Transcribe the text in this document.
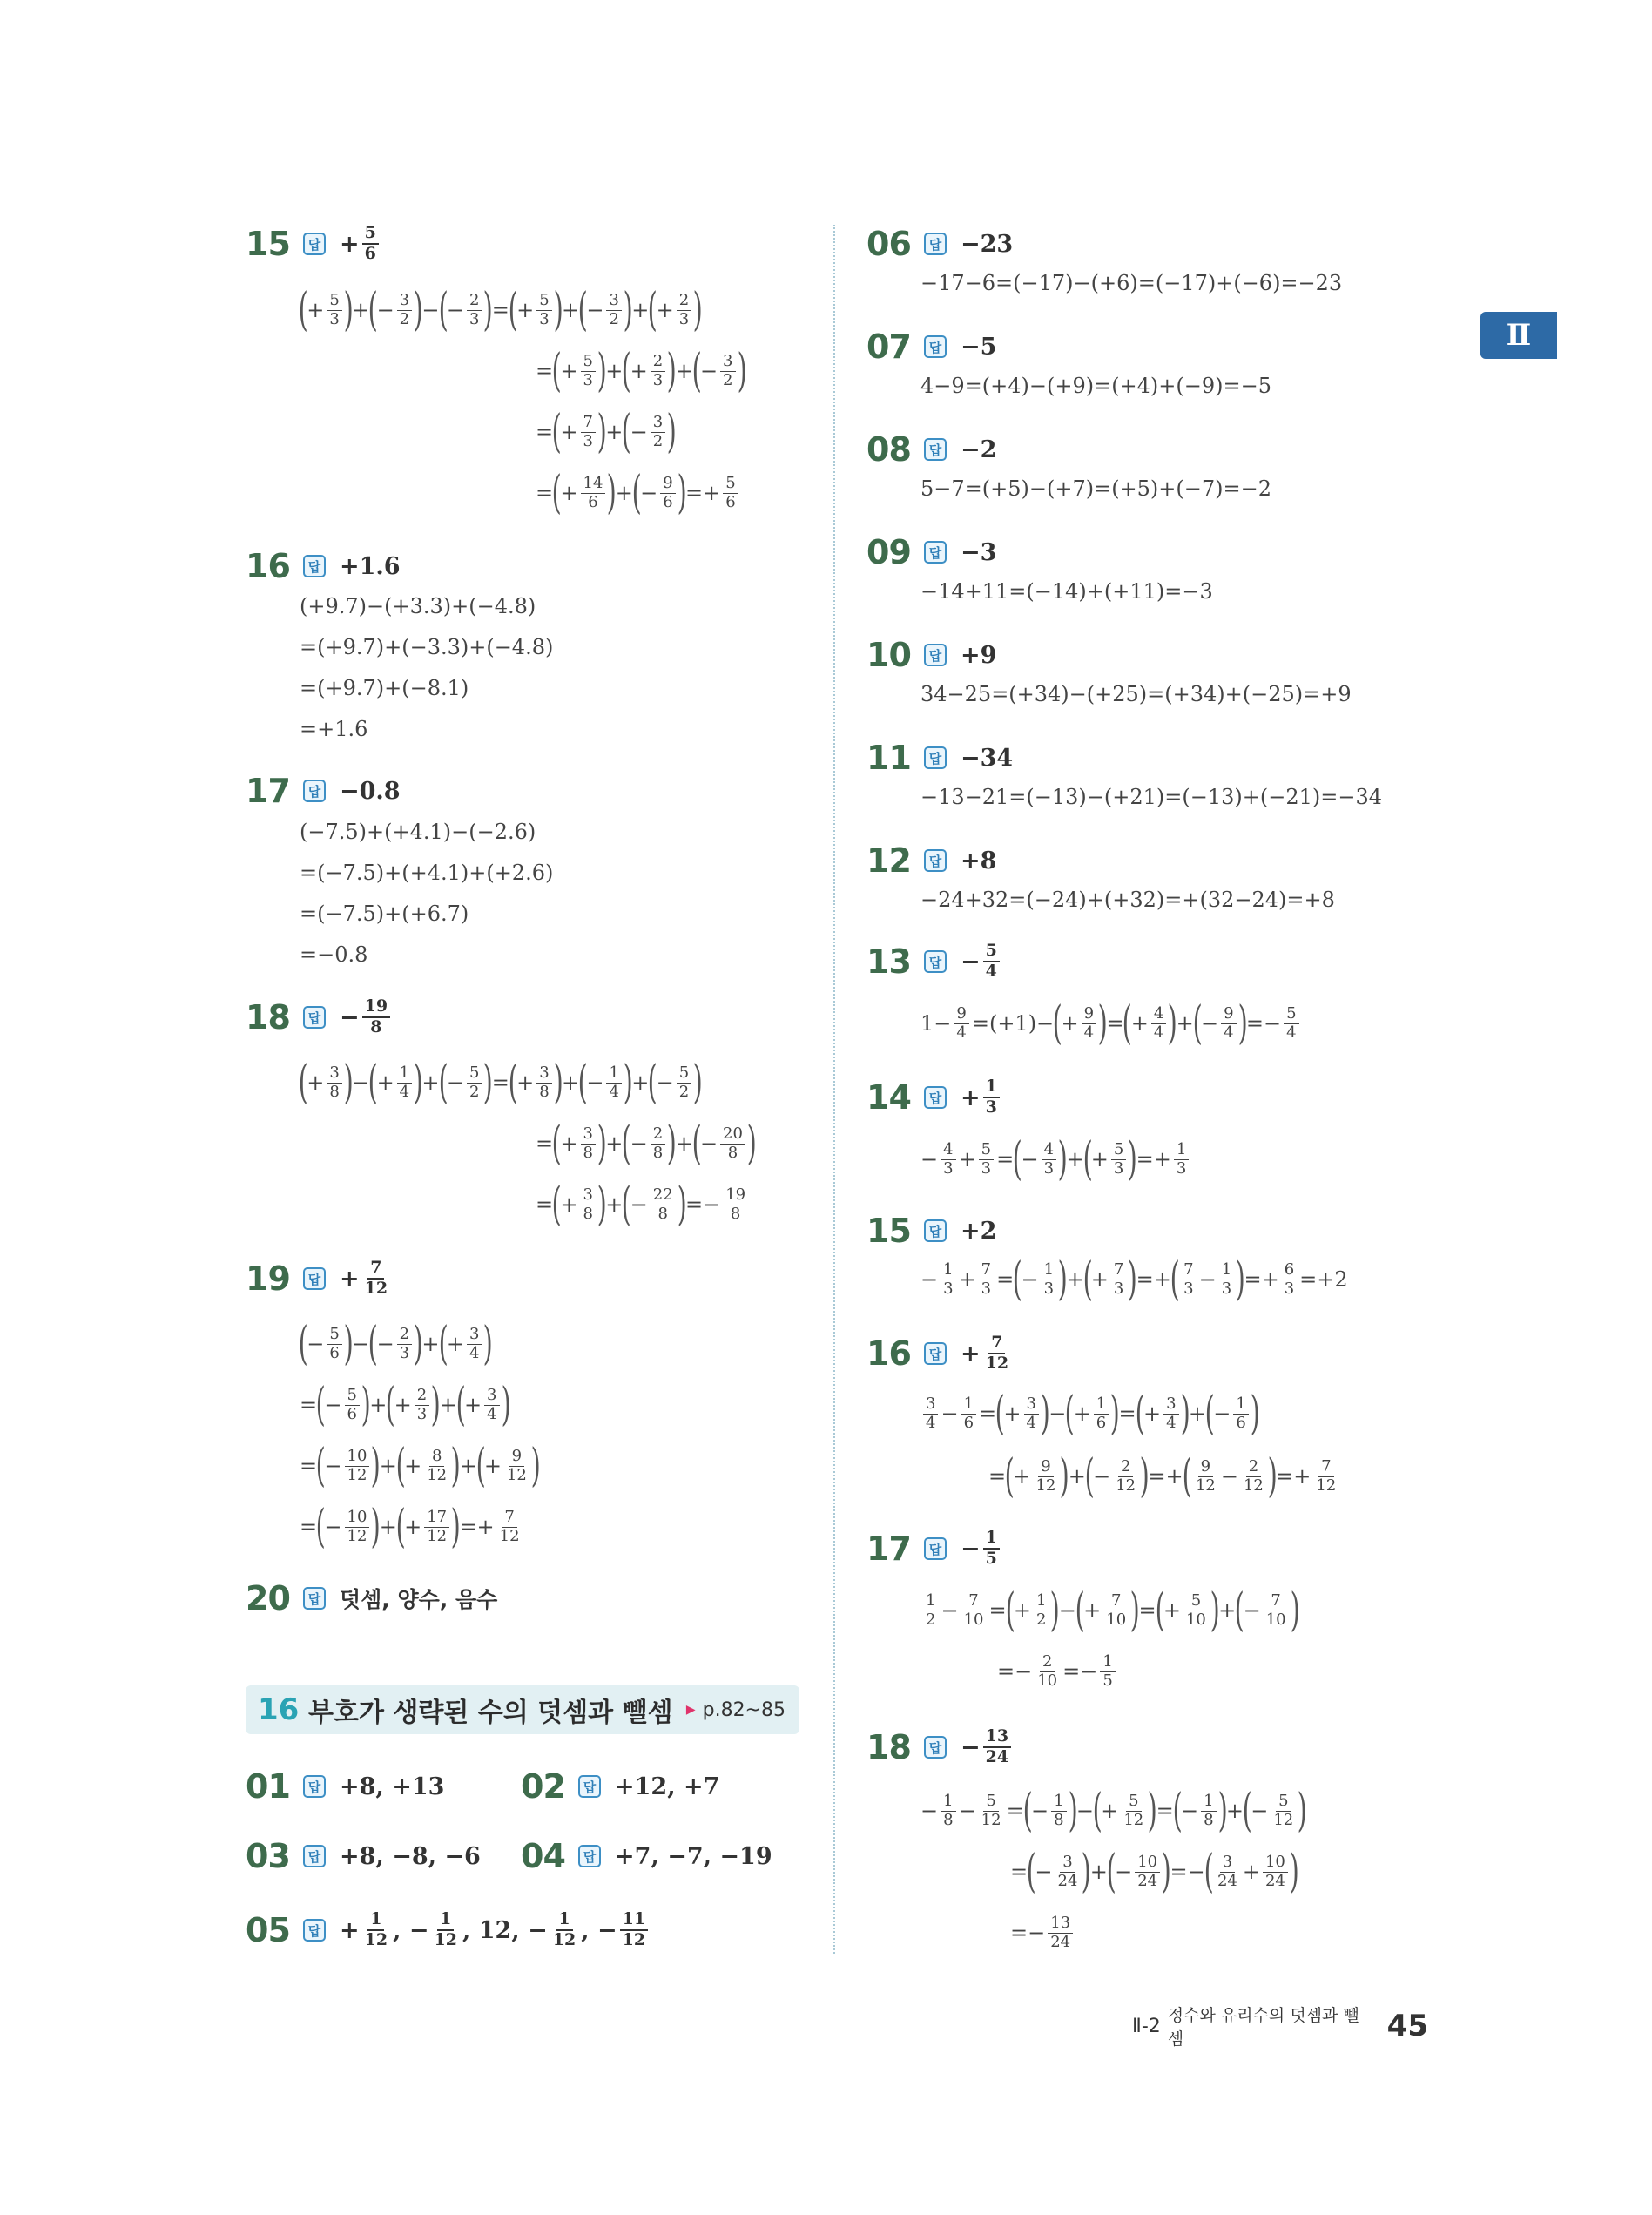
Ⅱ
15	답 + $\frac{5}{6}$
(
+ $\frac{5}{3}$ )
+
(
− $\frac{3}{2}$ )
−
(
− $\frac{2}{3}$ )
=
(
+ $\frac{5}{3}$ )
+
(
− $\frac{3}{2}$ )
+
(
+ $\frac{2}{3}$ )
=
(
+ $\frac{5}{3}$ )
+
(
+ $\frac{2}{3}$ )
+
(
− $\frac{3}{2}$ )
=
(
+ $\frac{7}{3}$ )
+
(
− $\frac{3}{2}$ )
=
(
+ $\frac{14}{6}$ )
+
(
− $\frac{9}{6}$ )
=+ $\frac{5}{6}$
16	답 +1.6
(+9.7)−(+3.3)+(−4.8)
=(+9.7)+(−3.3)+(−4.8)
=(+9.7)+(−8.1)
=+1.6
17	답 −0.8
(−7.5)+(+4.1)−(−2.6)
=(−7.5)+(+4.1)+(+2.6)
=(−7.5)+(+6.7)
=−0.8
18	답 − $\frac{19}{8}$
(
+ $\frac{3}{8}$ )
−
(
+ $\frac{1}{4}$ )
+
(
− $\frac{5}{2}$ )
=
(
+ $\frac{3}{8}$ )
+
(
− $\frac{1}{4}$ )
+
(
− $\frac{5}{2}$ )
=
(
+ $\frac{3}{8}$ )
+
(
− $\frac{2}{8}$ )
+
(
− $\frac{20}{8}$ )
=
(
+ $\frac{3}{8}$ )
+
(
− $\frac{22}{8}$ )
=− $\frac{19}{8}$
19	답 + $\frac{7}{12}$
(
− $\frac{5}{6}$ )
−
(
− $\frac{2}{3}$ )
+
(
+ $\frac{3}{4}$ )
=
(
− $\frac{5}{6}$ )
+
(
+ $\frac{2}{3}$ )
+
(
+ $\frac{3}{4}$ )
=
(
− $\frac{10}{12}$ )
+
(
+ $\frac{8}{12}$ )
+
(
+ $\frac{9}{12}$ )
=
(
− $\frac{10}{12}$ )
+
(
+ $\frac{17}{12}$ )
=+ $\frac{7}{12}$
20	답 덧셈, 양수, 음수
16 부호가 생략된 수의 덧셈과 뺄셈	▶ p.82~85
01	답 +8, +13 02	답 +12, +7
03	답 +8, −8, −6 04	답 +7, −7, −19
05	답 + $\frac{1}{12}$ , − $\frac{1}{12}$ , 12, − $\frac{1}{12}$ , − $\frac{11}{12}$
06	답 −23
−17−6=(−17)−(+6)=(−17)+(−6)=−23
07	답 −5
4−9=(+4)−(+9)=(+4)+(−9)=−5
08	답 −2
5−7=(+5)−(+7)=(+5)+(−7)=−2
09	답 −3
−14+11=(−14)+(+11)=−3
10	답 +9
34−25=(+34)−(+25)=(+34)+(−25)=+9
11	답 −34
−13−21=(−13)−(+21)=(−13)+(−21)=−34
12	답 +8
−24+32=(−24)+(+32)=+(32−24)=+8
13	답 − $\frac{5}{4}$
$1- \frac{9}{4} =(+1)-$
(
+ $\frac{9}{4}$ )
=
(
+ $\frac{4}{4}$ )
+
(
− $\frac{9}{4}$ )
=− $\frac{5}{4}$
14	답 + $\frac{1}{3}$
− $\frac{4}{3} + \frac{5}{3}$ =
(
− $\frac{4}{3}$ )
+
(
+ $\frac{5}{3}$ )
=+ $\frac{1}{3}$
15	답 +2
− $\frac{1}{3} + \frac{7}{3}$ =
(
− $\frac{1}{3}$ )
+
(
+ $\frac{7}{3}$ )
=+
( $\frac{7}{3} - \frac{1}{3}$ )
=+ $\frac{6}{3} =+2$
16	답 + $\frac{7}{12}$
$\frac{3}{4} - \frac{1}{6}$ =
(
+ $\frac{3}{4}$ )
−
(
+ $\frac{1}{6}$ )
=
(
+ $\frac{3}{4}$ )
+
(
− $\frac{1}{6}$ )
=
(
+ $\frac{9}{12}$ )
+
(
− $\frac{2}{12}$ )
=+
( $\frac{9}{12} - \frac{2}{12}$ )
=+ $\frac{7}{12}$
17	답 − $\frac{1}{5}$
$\frac{1}{2} - \frac{7}{10}$ =
(
+ $\frac{1}{2}$ )
−
(
+ $\frac{7}{10}$ )
=
(
+ $\frac{5}{10}$ )
+
(
− $\frac{7}{10}$ )
=− $\frac{2}{10} =- \frac{1}{5}$
18	답 − $\frac{13}{24}$
− $\frac{1}{8} - \frac{5}{12}$ =
(
− $\frac{1}{8}$ )
−
(
+ $\frac{5}{12}$ )
=
(
− $\frac{1}{8}$ )
+
(
− $\frac{5}{12}$ )
=
(
− $\frac{3}{24}$ )
+
(
− $\frac{10}{24}$ )
=−
( $\frac{3}{24} + \frac{10}{24}$ )
=− $\frac{13}{24}$
Ⅱ-2 정수와 유리수의 덧셈과 뺄셈	45
